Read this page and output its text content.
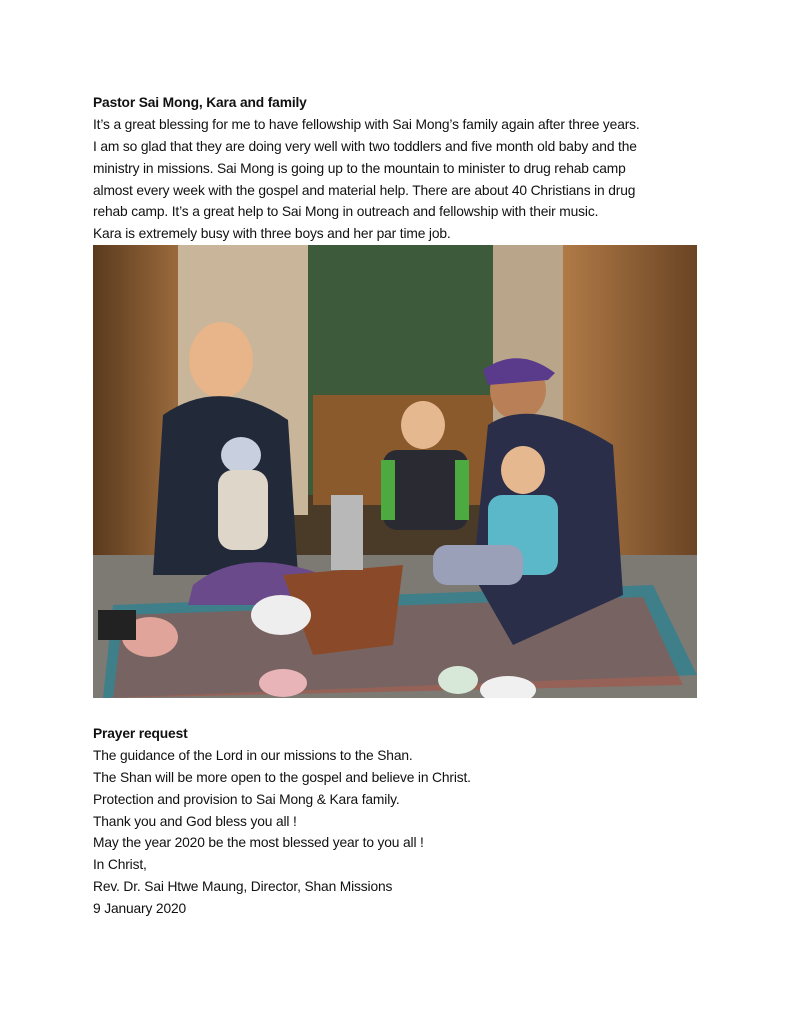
Pastor Sai Mong, Kara and family
It’s a great blessing for me to have fellowship with Sai Mong’s family again after three years.
I am so glad that they are doing very well with two toddlers and five month old baby and the
ministry in missions. Sai Mong is going up to the mountain to minister to drug rehab camp
almost every week with the gospel and material help. There are about 40 Christians in drug
rehab camp. It’s a great help to Sai Mong in outreach and fellowship with their music.
Kara is extremely busy with three boys and her par time job.
Prayer request
The guidance of the Lord in our missions to the Shan.
The Shan will be more open to the gospel and believe in Christ.
Protection and provision to Sai Mong & Kara family.
Thank you and God bless you all !
May the year 2020 be the most blessed year to you all !
In Christ,
Rev. Dr. Sai Htwe Maung, Director, Shan Missions
9 January 2020
